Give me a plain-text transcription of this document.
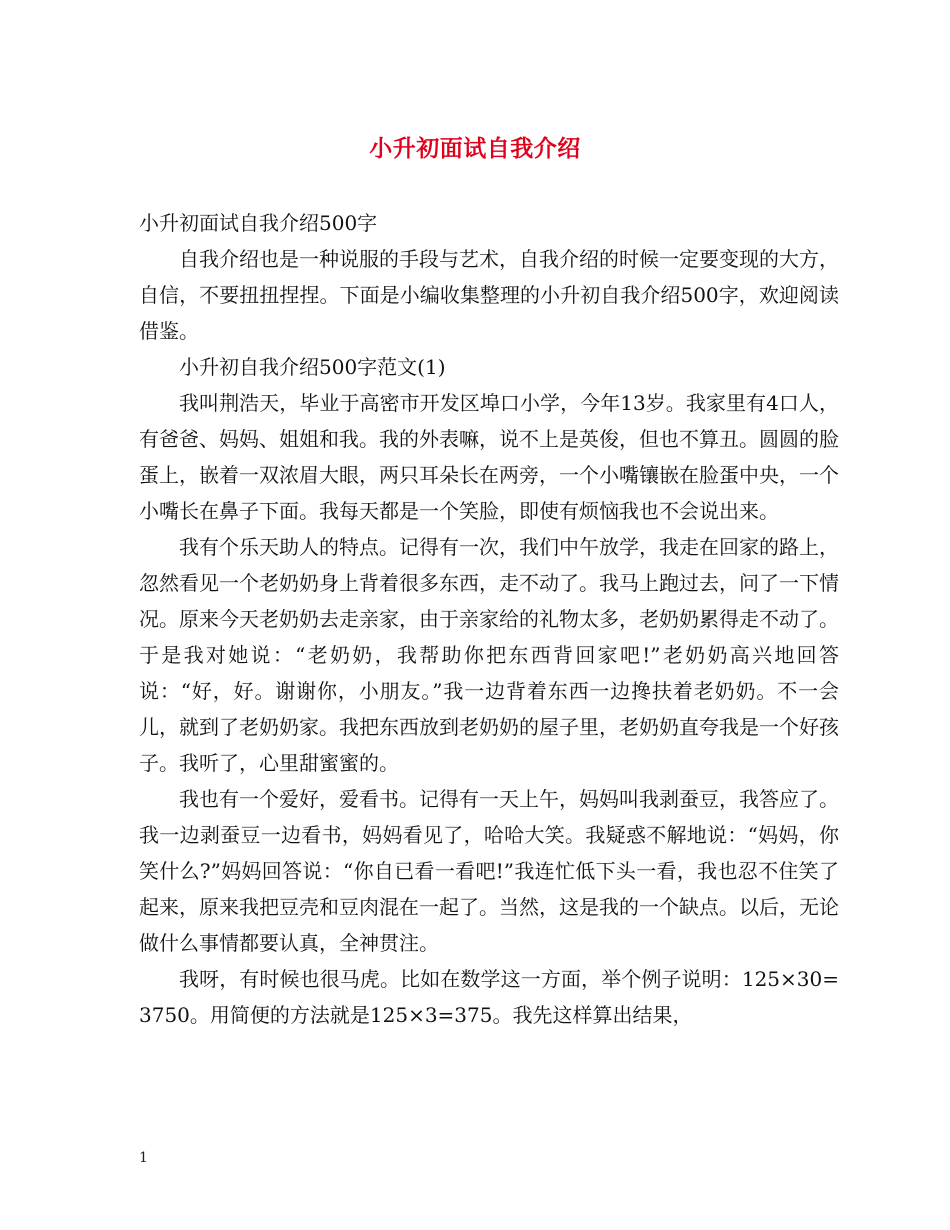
小升初面试自我介绍

小升初面试自我介绍500字

自我介绍也是一种说服的手段与艺术，自我介绍的时候一定要变现的大方，自信，不要扭扭捏捏。下面是小编收集整理的小升初自我介绍500字，欢迎阅读借鉴。

小升初自我介绍500字范文(1)

我叫荆浩天，毕业于高密市开发区埠口小学，今年13岁。我家里有4口人，有爸爸、妈妈、姐姐和我。我的外表嘛，说不上是英俊，但也不算丑。圆圆的脸蛋上，嵌着一双浓眉大眼，两只耳朵长在两旁，一个小嘴镶嵌在脸蛋中央，一个小嘴长在鼻子下面。我每天都是一个笑脸，即使有烦恼我也不会说出来。

我有个乐天助人的特点。记得有一次，我们中午放学，我走在回家的路上，忽然看见一个老奶奶身上背着很多东西，走不动了。我马上跑过去，问了一下情况。原来今天老奶奶去走亲家，由于亲家给的礼物太多，老奶奶累得走不动了。于是我对她说：“老奶奶，我帮助你把东西背回家吧!”老奶奶高兴地回答说：“好，好。谢谢你，小朋友。”我一边背着东西一边搀扶着老奶奶。不一会儿，就到了老奶奶家。我把东西放到老奶奶的屋子里，老奶奶直夸我是一个好孩子。我听了，心里甜蜜蜜的。

我也有一个爱好，爱看书。记得有一天上午，妈妈叫我剥蚕豆，我答应了。我一边剥蚕豆一边看书，妈妈看见了，哈哈大笑。我疑惑不解地说：“妈妈，你笑什么?”妈妈回答说：“你自已看一看吧!”我连忙低下头一看，我也忍不住笑了起来，原来我把豆壳和豆肉混在一起了。当然，这是我的一个缺点。以后，无论做什么事情都要认真，全神贯注。

我呀，有时候也很马虎。比如在数学这一方面，举个例子说明：125×30=3750。用简便的方法就是125×3=375。我先这样算出结果，

1
